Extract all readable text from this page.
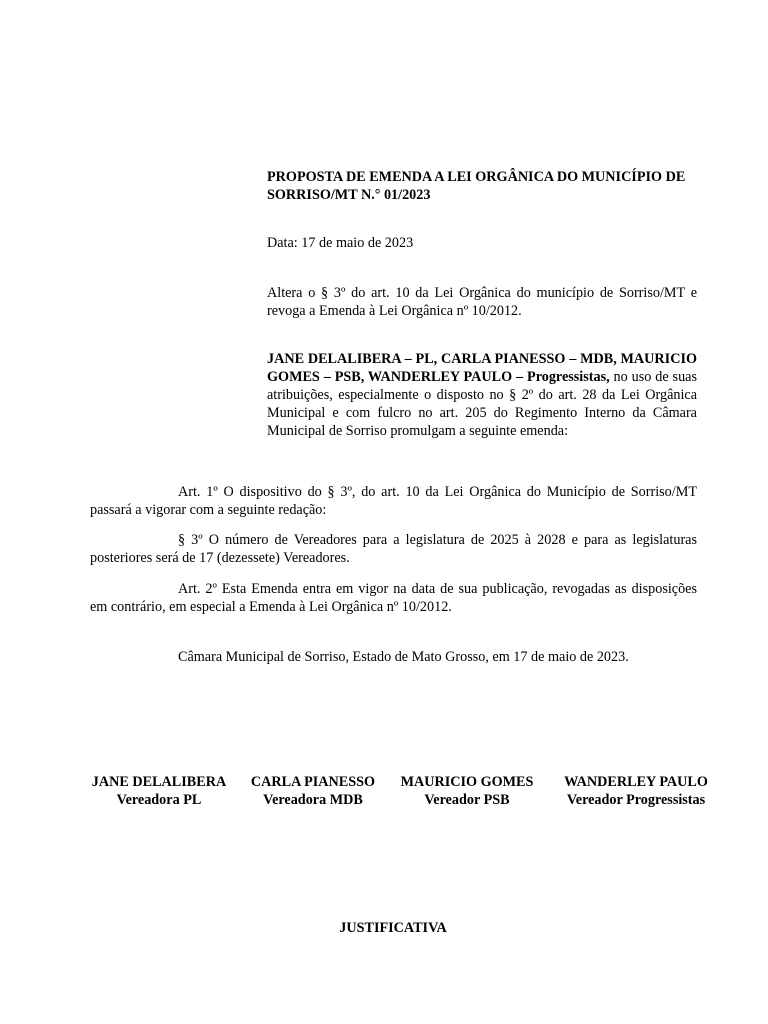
PROPOSTA DE EMENDA A LEI ORGÂNICA DO MUNICÍPIO DE SORRISO/MT N.° 01/2023
Data: 17 de maio de 2023
Altera o § 3º do art. 10 da Lei Orgânica do município de Sorriso/MT e revoga a Emenda à Lei Orgânica nº 10/2012.
JANE DELALIBERA – PL, CARLA PIANESSO – MDB, MAURICIO GOMES – PSB, WANDERLEY PAULO – Progressistas, no uso de suas atribuições, especialmente o disposto no § 2º do art. 28 da Lei Orgânica Municipal e com fulcro no art. 205 do Regimento Interno da Câmara Municipal de Sorriso promulgam a seguinte emenda:
Art. 1º O dispositivo do § 3º, do art. 10 da Lei Orgânica do Município de Sorriso/MT passará a vigorar com a seguinte redação:
§ 3º O número de Vereadores para a legislatura de 2025 à 2028 e para as legislaturas posteriores será de 17 (dezessete) Vereadores.
Art. 2º Esta Emenda entra em vigor na data de sua publicação, revogadas as disposições em contrário, em especial a Emenda à Lei Orgânica nº 10/2012.
Câmara Municipal de Sorriso, Estado de Mato Grosso, em 17 de maio de 2023.
JANE DELALIBERA
Vereadora PL
CARLA PIANESSO
Vereadora MDB
MAURICIO GOMES
Vereador PSB
WANDERLEY PAULO
Vereador Progressistas
JUSTIFICATIVA
